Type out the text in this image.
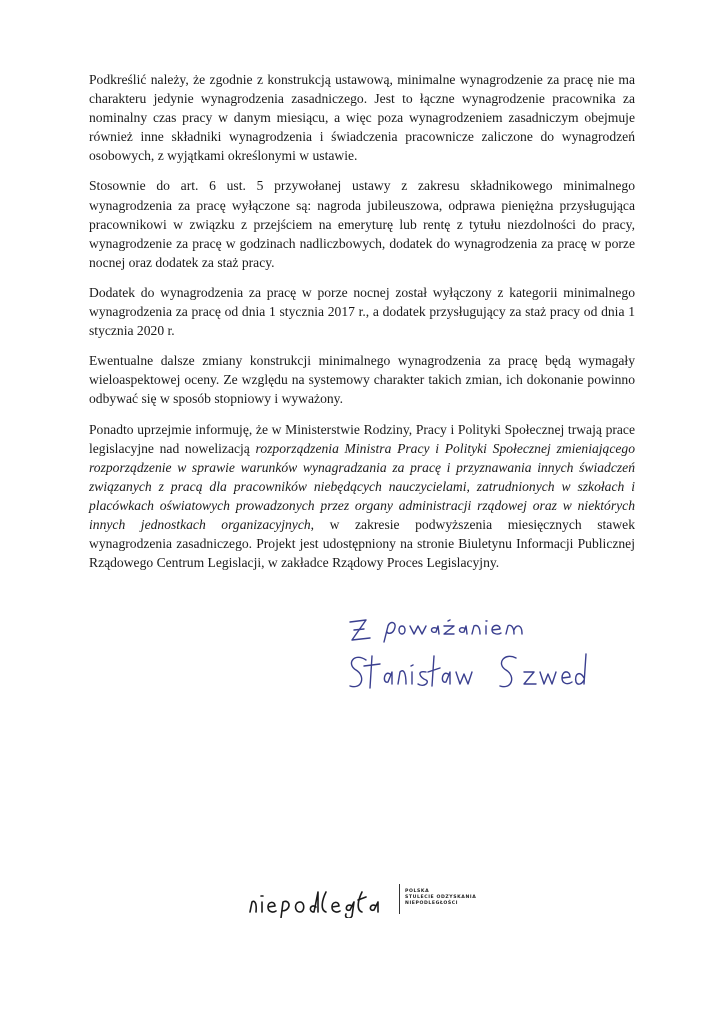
Podkreślić należy, że zgodnie z konstrukcją ustawową, minimalne wynagrodzenie za pracę nie ma charakteru jedynie wynagrodzenia zasadniczego. Jest to łączne wynagrodzenie pracownika za nominalny czas pracy w danym miesiącu, a więc poza wynagrodzeniem zasadniczym obejmuje również inne składniki wynagrodzenia i świadczenia pracownicze zaliczone do wynagrodzeń osobowych, z wyjątkami określonymi w ustawie.

Stosownie do art. 6 ust. 5 przywołanej ustawy z zakresu składnikowego minimalnego wynagrodzenia za pracę wyłączone są: nagroda jubileuszowa, odprawa pieniężna przysługująca pracownikowi w związku z przejściem na emeryturę lub rentę z tytułu niezdolności do pracy, wynagrodzenie za pracę w godzinach nadliczbowych, dodatek do wynagrodzenia za pracę w porze nocnej oraz dodatek za staż pracy.

Dodatek do wynagrodzenia za pracę w porze nocnej został wyłączony z kategorii minimalnego wynagrodzenia za pracę od dnia 1 stycznia 2017 r., a dodatek przysługujący za staż pracy od dnia 1 stycznia 2020 r.

Ewentualne dalsze zmiany konstrukcji minimalnego wynagrodzenia za pracę będą wymagały wieloaspektowej oceny. Ze względu na systemowy charakter takich zmian, ich dokonanie powinno odbywać się w sposób stopniowy i wyważony.

Ponadto uprzejmie informuję, że w Ministerstwie Rodziny, Pracy i Polityki Społecznej trwają prace legislacyjne nad nowelizacją rozporządzenia Ministra Pracy i Polityki Społecznej zmieniającego rozporządzenie w sprawie warunków wynagradzania za pracę i przyznawania innych świadczeń związanych z pracą dla pracowników niebędących nauczycielami, zatrudnionych w szkołach i placówkach oświatowych prowadzonych przez organy administracji rządowej oraz w niektórych innych jednostkach organizacyjnych, w zakresie podwyższenia miesięcznych stawek wynagrodzenia zasadniczego. Projekt jest udostępniony na stronie Biuletynu Informacji Publicznej Rządowego Centrum Legislacji, w zakładce Rządowy Proces Legislacyjny.

POLSKA
STULECIE ODZYSKANIA
NIEPODLEGŁOŚCI
